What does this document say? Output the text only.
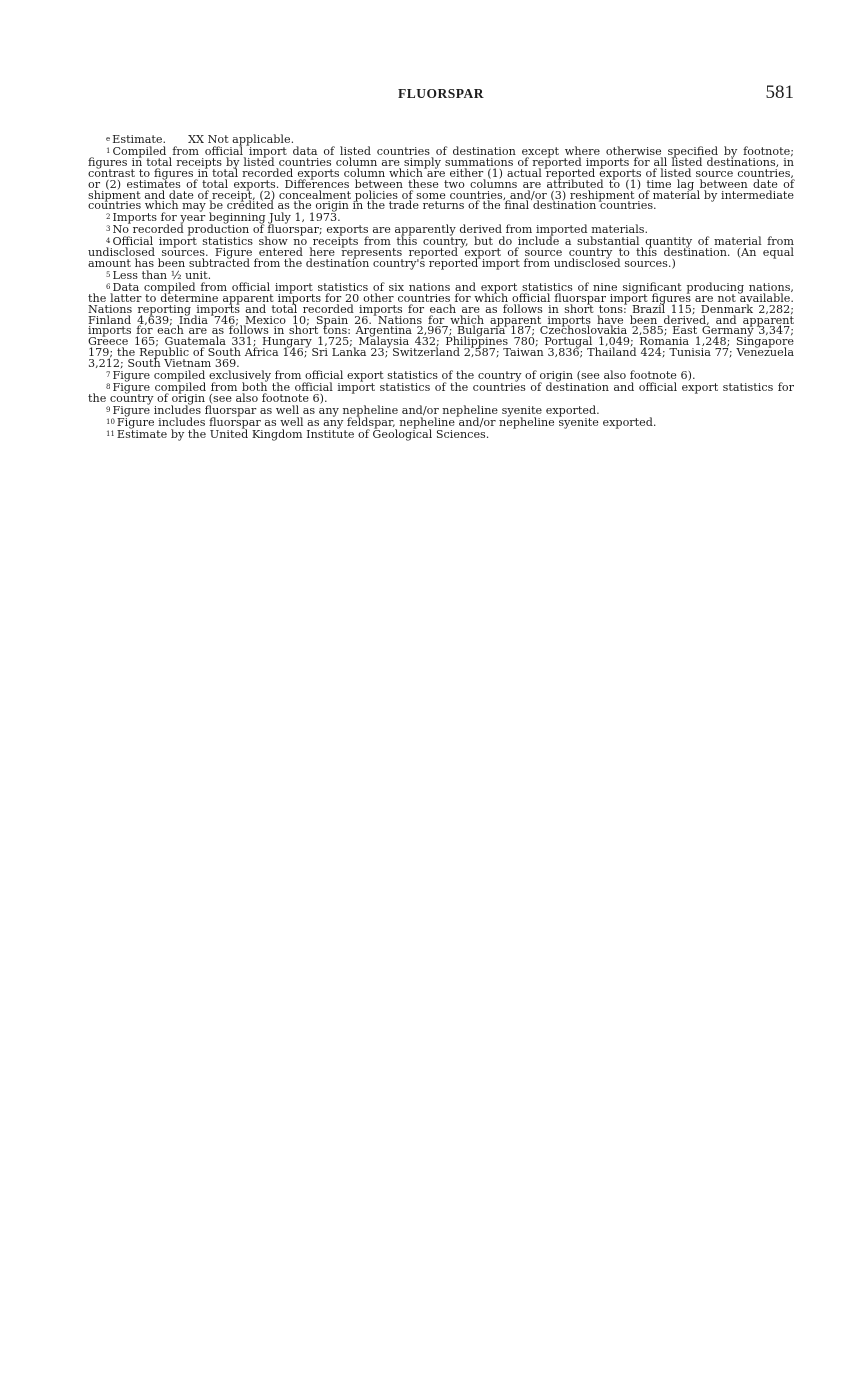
FLUORSPAR	581

e Estimate. XX Not applicable.

$^1$ Compiled from official import data of listed countries of destination except where otherwise specified by footnote; figures in total receipts by listed countries column are simply summations of reported imports for all listed destinations, in contrast to figures in total recorded exports column which are either (1) actual reported exports of listed source countries, or (2) estimates of total exports. Differences between these two columns are attributed to (1) time lag between date of shipment and date of receipt, (2) concealment policies of some countries, and/or (3) reshipment of material by intermediate countries which may be credited as the origin in the trade returns of the final destination countries.

$^2$ Imports for year beginning July 1, 1973.

$^3$ No recorded production of fluorspar; exports are apparently derived from imported materials.

$^4$ Official import statistics show no receipts from this country, but do include a substantial quantity of material from undisclosed sources. Figure entered here represents reported export of source country to this destination. (An equal amount has been subtracted from the destination country's reported import from undisclosed sources.)

$^5$ Less than ½ unit.

$^6$ Data compiled from official import statistics of six nations and export statistics of nine significant producing nations, the latter to determine apparent imports for 20 other countries for which official fluorspar import figures are not available. Nations reporting imports and total recorded imports for each are as follows in short tons: Brazil 115; Denmark 2,282; Finland 4,639; India 746; Mexico 10; Spain 26. Nations for which apparent imports have been derived, and apparent imports for each are as follows in short tons: Argentina 2,967; Bulgaria 187; Czechoslovakia 2,585; East Germany 3,347; Greece 165; Guatemala 331; Hungary 1,725; Malaysia 432; Philippines 780; Portugal 1,049; Romania 1,248; Singapore 179; the Republic of South Africa 146; Sri Lanka 23; Switzerland 2,587; Taiwan 3,836; Thailand 424; Tunisia 77; Venezuela 3,212; South Vietnam 369.

$^7$ Figure compiled exclusively from official export statistics of the country of origin (see also footnote 6).

$^8$ Figure compiled from both the official import statistics of the countries of destination and official export statistics for the country of origin (see also footnote 6).

$^9$ Figure includes fluorspar as well as any nepheline and/or nepheline syenite exported.

$^{10}$ Figure includes fluorspar as well as any feldspar, nepheline and/or nepheline syenite exported.

$^{11}$ Estimate by the United Kingdom Institute of Geological Sciences.
